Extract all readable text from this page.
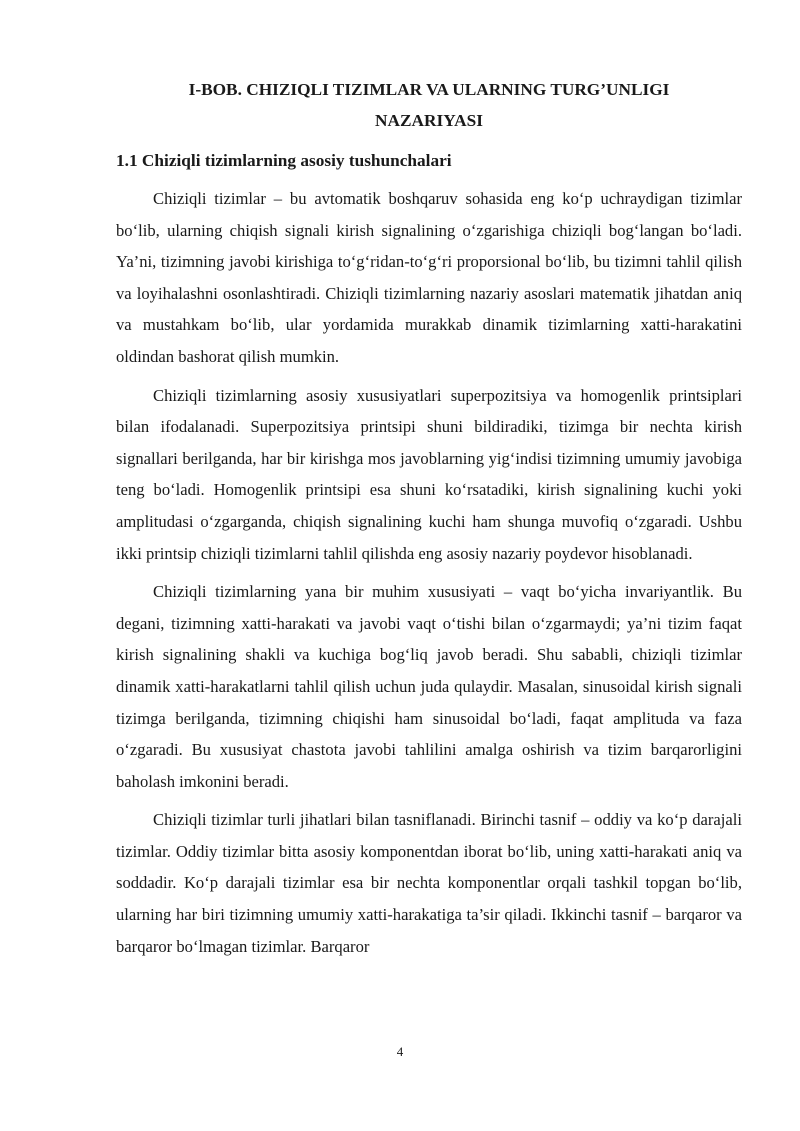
I-BOB. CHIZIQLI TIZIMLAR VA ULARNING TURG’UNLIGI NAZARIYASI
1.1 Chiziqli tizimlarning asosiy tushunchalari

Chiziqli tizimlar – bu avtomatik boshqaruv sohasida eng ko‘p uchraydigan tizimlar bo‘lib, ularning chiqish signali kirish signalining o‘zgarishiga chiziqli bog‘langan bo‘ladi. Ya’ni, tizimning javobi kirishiga to‘g‘ridan-to‘g‘ri proporsional bo‘lib, bu tizimni tahlil qilish va loyihalashni osonlashtiradi. Chiziqli tizimlarning nazariy asoslari matematik jihatdan aniq va mustahkam bo‘lib, ular yordamida murakkab dinamik tizimlarning xatti-harakatini oldindan bashorat qilish mumkin.

Chiziqli tizimlarning asosiy xususiyatlari superpozitsiya va homogenlik printsiplari bilan ifodalanadi. Superpozitsiya printsipi shuni bildiradiki, tizimga bir nechta kirish signallari berilganda, har bir kirishga mos javoblarning yig‘indisi tizimning umumiy javobiga teng bo‘ladi. Homogenlik printsipi esa shuni ko‘rsatadiki, kirish signalining kuchi yoki amplitudasi o‘zgarganda, chiqish signalining kuchi ham shunga muvofiq o‘zgaradi. Ushbu ikki printsip chiziqli tizimlarni tahlil qilishda eng asosiy nazariy poydevor hisoblanadi.

Chiziqli tizimlarning yana bir muhim xususiyati – vaqt bo‘yicha invariyantlik. Bu degani, tizimning xatti-harakati va javobi vaqt o‘tishi bilan o‘zgarmaydi; ya’ni tizim faqat kirish signalining shakli va kuchiga bog‘liq javob beradi. Shu sababli, chiziqli tizimlar dinamik xatti-harakatlarni tahlil qilish uchun juda qulaydir. Masalan, sinusoidal kirish signali tizimga berilganda, tizimning chiqishi ham sinusoidal bo‘ladi, faqat amplituda va faza o‘zgaradi. Bu xususiyat chastota javobi tahlilini amalga oshirish va tizim barqarorligini baholash imkonini beradi.

Chiziqli tizimlar turli jihatlari bilan tasniflanadi. Birinchi tasnif – oddiy va ko‘p darajali tizimlar. Oddiy tizimlar bitta asosiy komponentdan iborat bo‘lib, uning xatti-harakati aniq va soddadir. Ko‘p darajali tizimlar esa bir nechta komponentlar orqali tashkil topgan bo‘lib, ularning har biri tizimning umumiy xatti-harakatiga ta’sir qiladi. Ikkinchi tasnif – barqaror va barqaror bo‘lmagan tizimlar. Barqaror

4
